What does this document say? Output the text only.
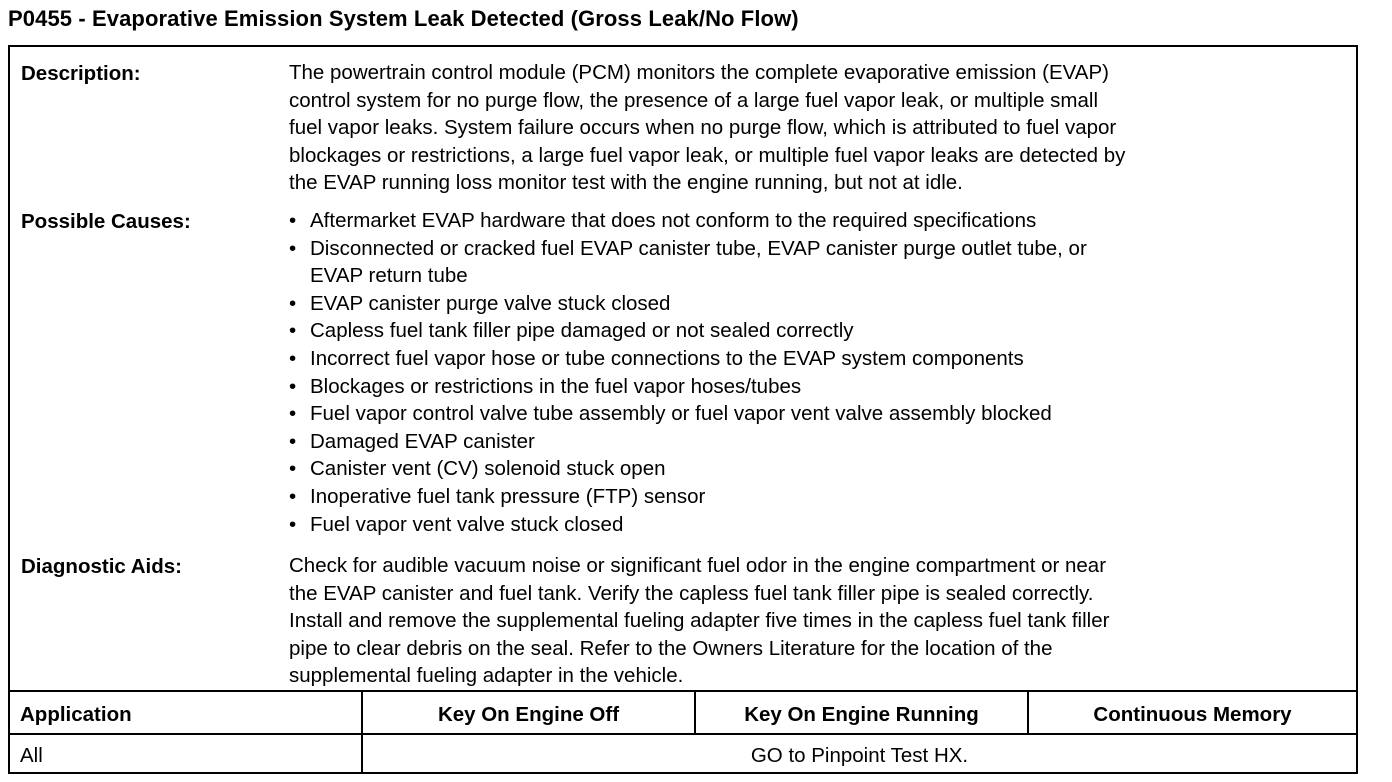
P0455 - Evaporative Emission System Leak Detected (Gross Leak/No Flow)
Description:	The powertrain control module (PCM) monitors the complete evaporative emission (EVAP)
control system for no purge flow, the presence of a large fuel vapor leak, or multiple small
fuel vapor leaks. System failure occurs when no purge flow, which is attributed to fuel vapor
blockages or restrictions, a large fuel vapor leak, or multiple fuel vapor leaks are detected by
the EVAP running loss monitor test with the engine running, but not at idle.

Possible Causes:
•	Aftermarket EVAP hardware that does not conform to the required specifications
• Disconnected or cracked fuel EVAP canister tube, EVAP canister purge outlet tube, or
EVAP return tube
• EVAP canister purge valve stuck closed
• Capless fuel tank filler pipe damaged or not sealed correctly
• Incorrect fuel vapor hose or tube connections to the EVAP system components
• Blockages or restrictions in the fuel vapor hoses/tubes
• Fuel vapor control valve tube assembly or fuel vapor vent valve assembly blocked
• Damaged EVAP canister
• Canister vent (CV) solenoid stuck open
• Inoperative fuel tank pressure (FTP) sensor
• Fuel vapor vent valve stuck closed
Diagnostic Aids:	Check for audible vacuum noise or significant fuel odor in the engine compartment or near
the EVAP canister and fuel tank. Verify the capless fuel tank filler pipe is sealed correctly.
Install and remove the supplemental fueling adapter five times in the capless fuel tank filler
pipe to clear debris on the seal. Refer to the Owners Literature for the location of the
supplemental fueling adapter in the vehicle.

Application	Key On Engine Off	Key On Engine Running	Continuous Memory
All	GO to Pinpoint Test HX.
